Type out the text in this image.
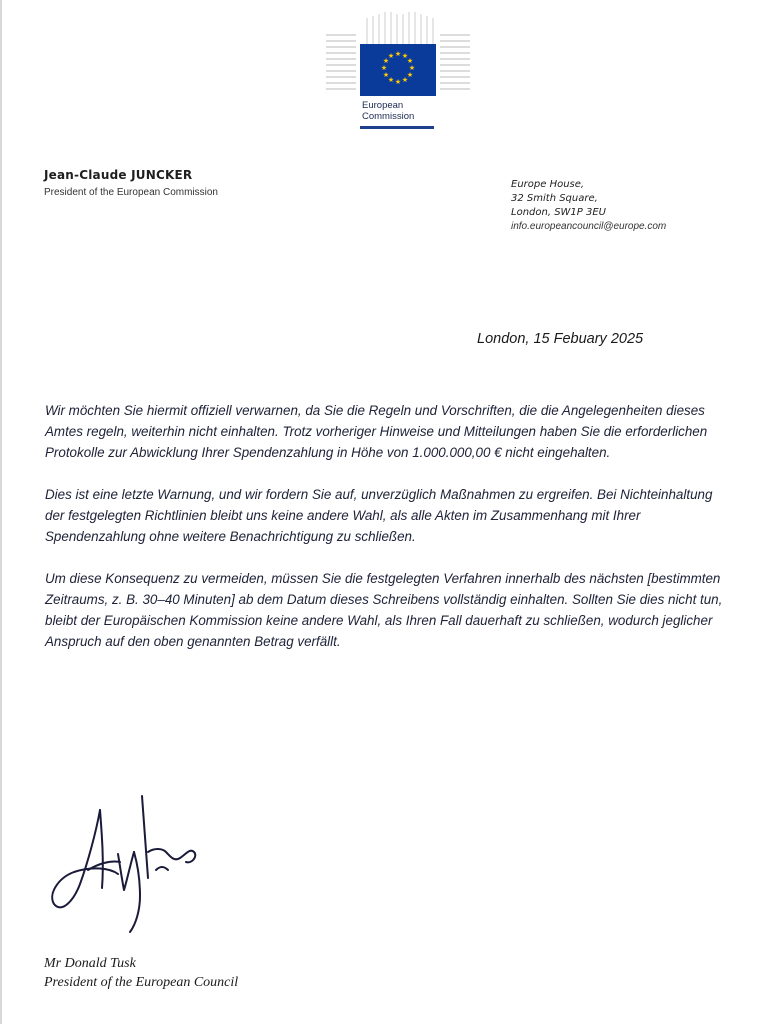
★ ★
★
★
★
★
★
★
★
★
★
★
European
Commission
Jean-Claude JUNCKER
President of the European Commission
Europe House,
32 Smith Square,
London, SW1P 3EU
info.europeancouncil@europe.com
London, 15 Febuary 2025

Wir möchten Sie hiermit offiziell verwarnen, da Sie die Regeln und Vorschriften, die die Angelegenheiten dieses Amtes regeln, weiterhin nicht einhalten. Trotz vorheriger Hinweise und Mitteilungen haben Sie die erforderlichen Protokolle zur Abwicklung Ihrer Spendenzahlung in Höhe von 1.000.000,00 € nicht eingehalten.

Dies ist eine letzte Warnung, und wir fordern Sie auf, unverzüglich Maßnahmen zu ergreifen. Bei Nichteinhaltung der festgelegten Richtlinien bleibt uns keine andere Wahl, als alle Akten im Zusammenhang mit Ihrer Spendenzahlung ohne weitere Benachrichtigung zu schließen.

Um diese Konsequenz zu vermeiden, müssen Sie die festgelegten Verfahren innerhalb des nächsten [bestimmten Zeitraums, z. B. 30–40 Minuten] ab dem Datum dieses Schreibens vollständig einhalten. Sollten Sie dies nicht tun, bleibt der Europäischen Kommission keine andere Wahl, als Ihren Fall dauerhaft zu schließen, wodurch jeglicher Anspruch auf den oben genannten Betrag verfällt.

Mr Donald Tusk
President of the European Council
